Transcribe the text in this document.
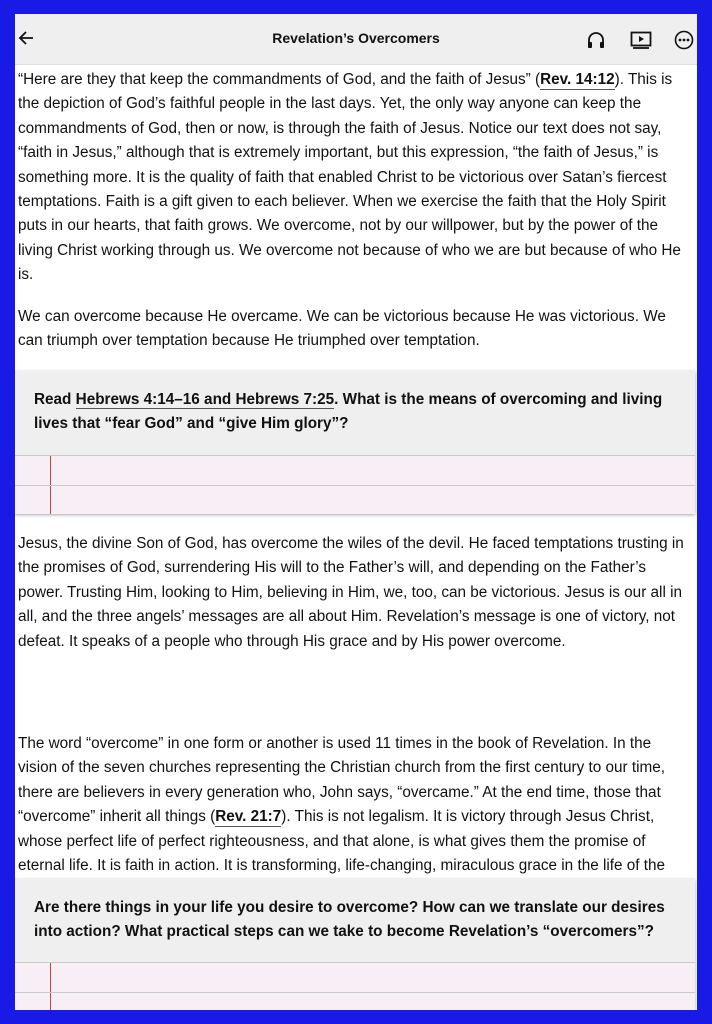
Revelation’s Overcomers

“Here are they that keep the commandments of God, and the faith of Jesus” (Rev. 14:12). This is the depiction of God’s faithful people in the last days. Yet, the only way anyone can keep the commandments of God, then or now, is through the faith of Jesus. Notice our text does not say, “faith in Jesus,” although that is extremely important, but this expression, “the faith of Jesus,” is something more. It is the quality of faith that enabled Christ to be victorious over Satan’s fiercest temptations. Faith is a gift given to each believer. When we exercise the faith that the Holy Spirit puts in our hearts, that faith grows. We overcome, not by our willpower, but by the power of the living Christ working through us. We overcome not because of who we are but because of who He is.

We can overcome because He overcame. We can be victorious because He was victorious. We can triumph over temptation because He triumphed over temptation.

Read Hebrews 4:14–16 and Hebrews 7:25. What is the means of overcoming and living lives that “fear God” and “give Him glory”?

Jesus, the divine Son of God, has overcome the wiles of the devil. He faced temptations trusting in the promises of God, surrendering His will to the Father’s will, and depending on the Father’s power. Trusting Him, looking to Him, believing in Him, we, too, can be victorious. Jesus is our all in all, and the three angels’ messages are all about Him. Revelation’s message is one of victory, not defeat. It speaks of a people who through His grace and by His power overcome.

The word “overcome” in one form or another is used 11 times in the book of Revelation. In the vision of the seven churches representing the Christian church from the first century to our time, there are believers in every generation who, John says, “overcame.” At the end time, those that “overcome” inherit all things (Rev. 21:7). This is not legalism. It is victory through Jesus Christ, whose perfect life of perfect righteousness, and that alone, is what gives them the promise of eternal life. It is faith in action. It is transforming, life-changing, miraculous grace in the life of the

Are there things in your life you desire to overcome? How can we translate our desires into action? What practical steps can we take to become Revelation’s “overcomers”?
